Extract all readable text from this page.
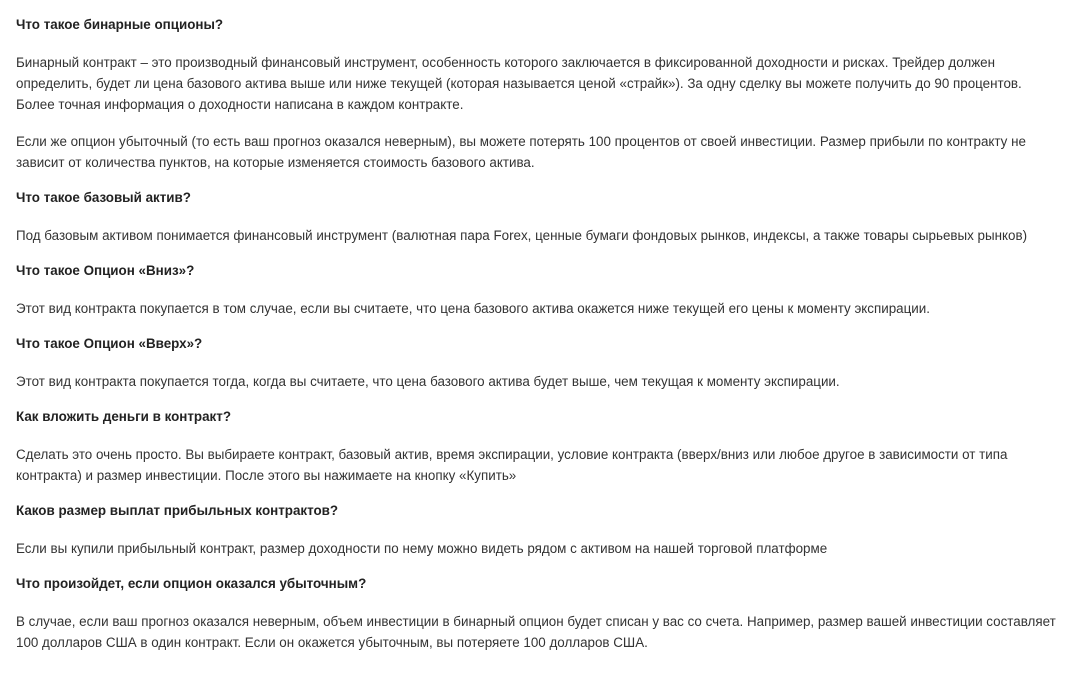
Что такое бинарные опционы?

Бинарный контракт – это производный финансовый инструмент, особенность которого заключается в фиксированной доходности и рисках. Трейдер должен определить, будет ли цена базового актива выше или ниже текущей (которая называется ценой «страйк»). За одну сделку вы можете получить до 90 процентов. Более точная информация о доходности написана в каждом контракте.

Если же опцион убыточный (то есть ваш прогноз оказался неверным), вы можете потерять 100 процентов от своей инвестиции. Размер прибыли по контракту не зависит от количества пунктов, на которые изменяется стоимость базового актива.

Что такое базовый актив?

Под базовым активом понимается финансовый инструмент (валютная пара Forex, ценные бумаги фондовых рынков, индексы, а также товары сырьевых рынков)

Что такое Опцион «Вниз»?

Этот вид контракта покупается в том случае, если вы считаете, что цена базового актива окажется ниже текущей его цены к моменту экспирации.

Что такое Опцион «Вверх»?

Этот вид контракта покупается тогда, когда вы считаете, что цена базового актива будет выше, чем текущая к моменту экспирации.

Как вложить деньги в контракт?

Сделать это очень просто. Вы выбираете контракт, базовый актив, время экспирации, условие контракта (вверх/вниз или любое другое в зависимости от типа контракта) и размер инвестиции. После этого вы нажимаете на кнопку «Купить»

Каков размер выплат прибыльных контрактов?

Если вы купили прибыльный контракт, размер доходности по нему можно видеть рядом с активом на нашей торговой платформе

Что произойдет, если опцион оказался убыточным?

В случае, если ваш прогноз оказался неверным, объем инвестиции в бинарный опцион будет списан у вас со счета. Например, размер вашей инвестиции составляет 100 долларов США в один контракт. Если он окажется убыточным, вы потеряете 100 долларов США.
